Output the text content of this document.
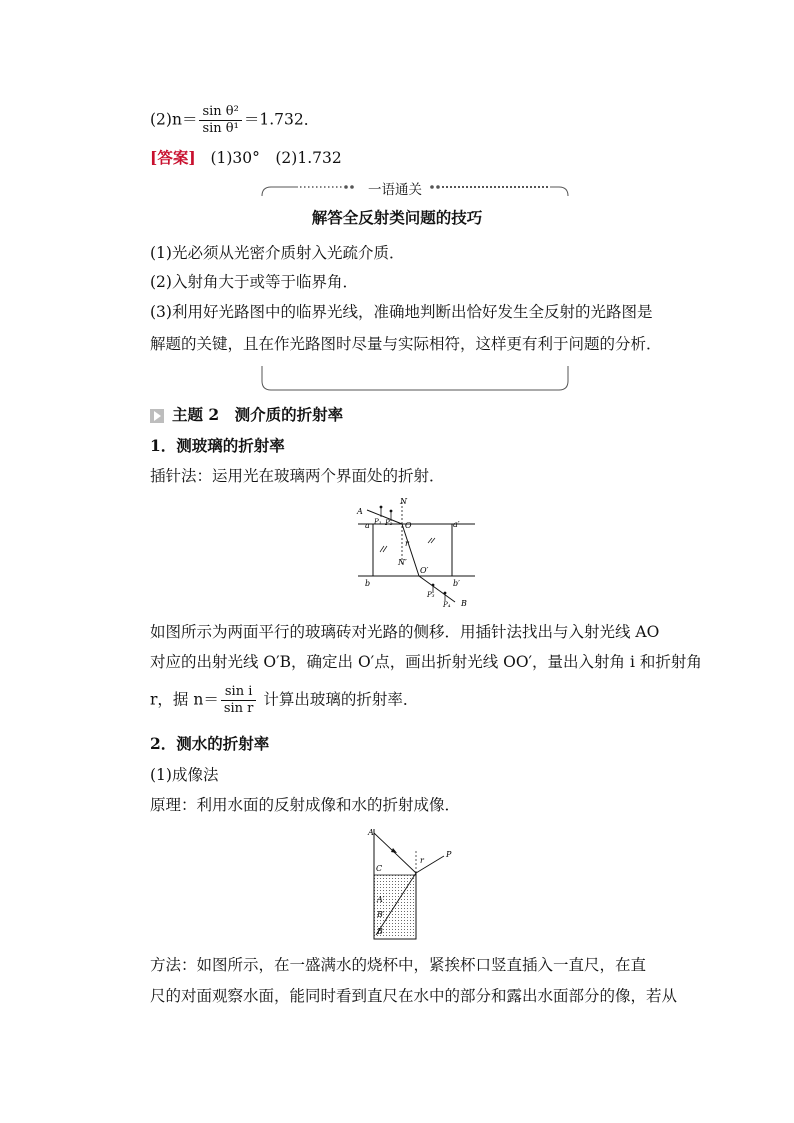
$(2)n= \frac{\text{sin θ²}}{\text{sin θ¹}} =1.732$．
[答案] (1)30°　(2)1.732
一语通关
解答全反射类问题的技巧
(1)光必须从光密介质射入光疏介质．
(2)入射角大于或等于临界角．
(3)利用好光路图中的临界光线，准确地判断出恰好发生全反射的光路图是
解题的关键，且在作光路图时尽量与实际相符，这样更有利于问题的分析．
主题 2　测介质的折射率
1．测玻璃的折射率
插针法：运用光在玻璃两个界面处的折射．
A
a P₁ P₂ O
N
a′
r
N′
O′
b	b′
P₃
P₄ B
如图所示为两面平行的玻璃砖对光路的侧移．用插针法找出与入射光线 AO
对应的出射光线 O′B，确定出 O′点，画出折射光线 OO′，量出入射角 i 和折射角
r，据 $n= \frac{\text{sin i}}{\text{sin r}}$ 计算出玻璃的折射率．
2．测水的折射率
(1)成像法
原理：利用水面的反射成像和水的折射成像．
A
C
r
P
A′
B′
B
方法：如图所示，在一盛满水的烧杯中，紧挨杯口竖直插入一直尺，在直
尺的对面观察水面，能同时看到直尺在水中的部分和露出水面部分的像，若从
